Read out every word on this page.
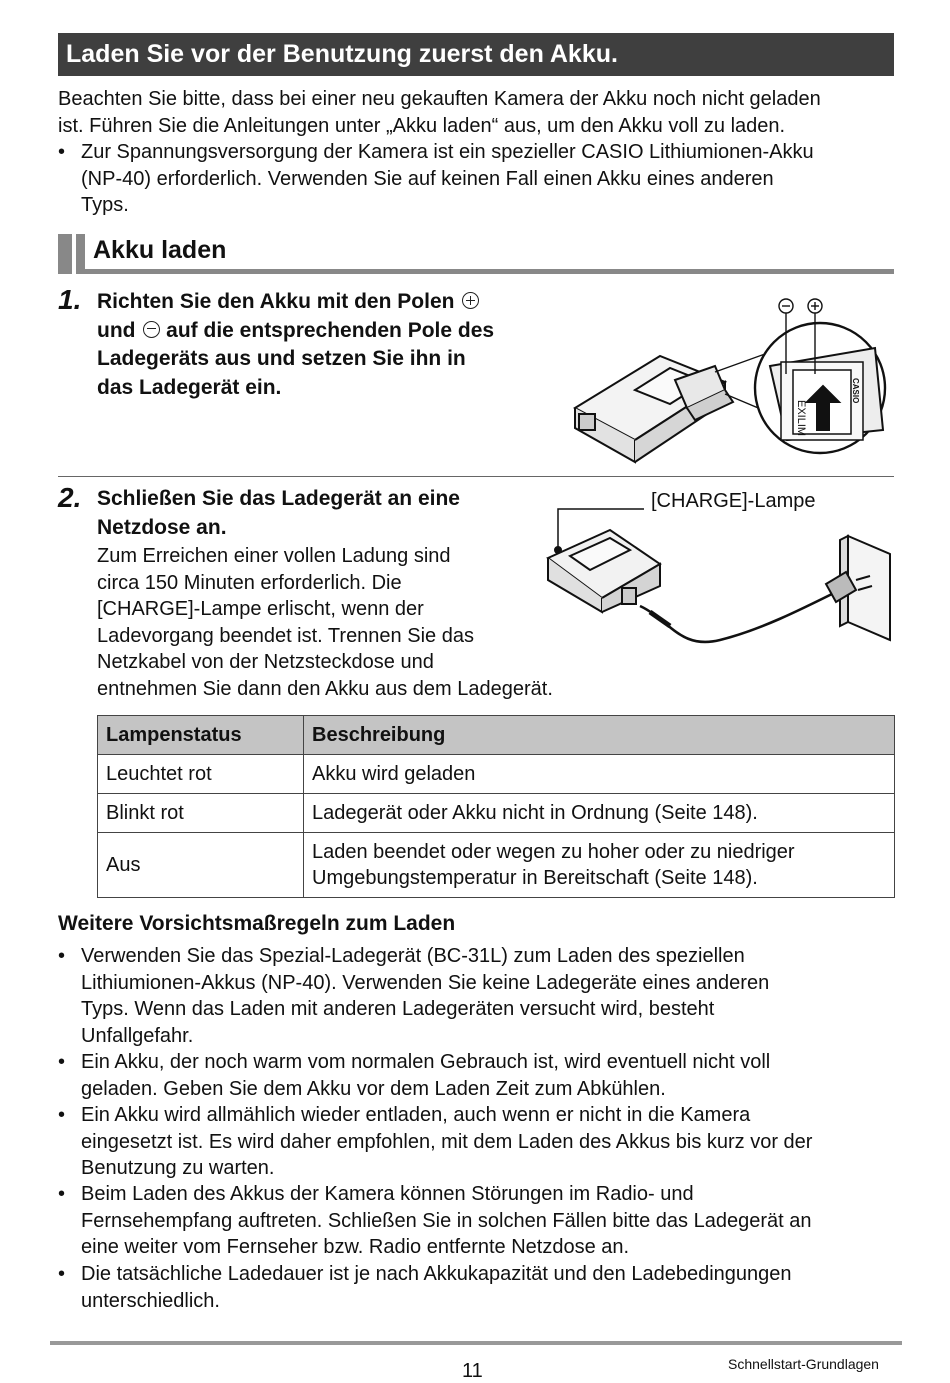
Laden Sie vor der Benutzung zuerst den Akku.
Beachten Sie bitte, dass bei einer neu gekauften Kamera der Akku noch nicht geladen
ist. Führen Sie die Anleitungen unter „Akku laden“ aus, um den Akku voll zu laden.
• Zur Spannungsversorgung der Kamera ist ein spezieller CASIO Lithiumionen-Akku
(NP-40) erforderlich. Verwenden Sie auf keinen Fall einen Akku eines anderen
Typs.
Akku laden
1. Richten Sie den Akku mit den Polen
und auf die entsprechenden Pole des
Ladegeräts aus und setzen Sie ihn in
das Ladegerät ein.
EXILIM
CASIO
2. Schließen Sie das Ladegerät an eine
Netzdose an.
Zum Erreichen einer vollen Ladung sind
circa 150 Minuten erforderlich. Die
[CHARGE]-Lampe erlischt, wenn der
Ladevorgang beendet ist. Trennen Sie das
Netzkabel von der Netzsteckdose und
entnehmen Sie dann den Akku aus dem Ladegerät.
[CHARGE]-Lampe
Lampenstatus	Beschreibung
Leuchtet rot	Akku wird geladen
Blinkt rot	Ladegerät oder Akku nicht in Ordnung (Seite 148).
Aus	Laden beendet oder wegen zu hoher oder zu niedriger
Umgebungstemperatur in Bereitschaft (Seite 148).
Weitere Vorsichtsmaßregeln zum Laden
• Verwenden Sie das Spezial-Ladegerät (BC-31L) zum Laden des speziellen
Lithiumionen-Akkus (NP-40). Verwenden Sie keine Ladegeräte eines anderen
Typs. Wenn das Laden mit anderen Ladegeräten versucht wird, besteht
Unfallgefahr.
• Ein Akku, der noch warm vom normalen Gebrauch ist, wird eventuell nicht voll
geladen. Geben Sie dem Akku vor dem Laden Zeit zum Abkühlen.
• Ein Akku wird allmählich wieder entladen, auch wenn er nicht in die Kamera
eingesetzt ist. Es wird daher empfohlen, mit dem Laden des Akkus bis kurz vor der
Benutzung zu warten.
• Beim Laden des Akkus der Kamera können Störungen im Radio- und
Fernsehempfang auftreten. Schließen Sie in solchen Fällen bitte das Ladegerät an
eine weiter vom Fernseher bzw. Radio entfernte Netzdose an.
• Die tatsächliche Ladedauer ist je nach Akkukapazität und den Ladebedingungen
unterschiedlich.
11	Schnellstart-Grundlagen
